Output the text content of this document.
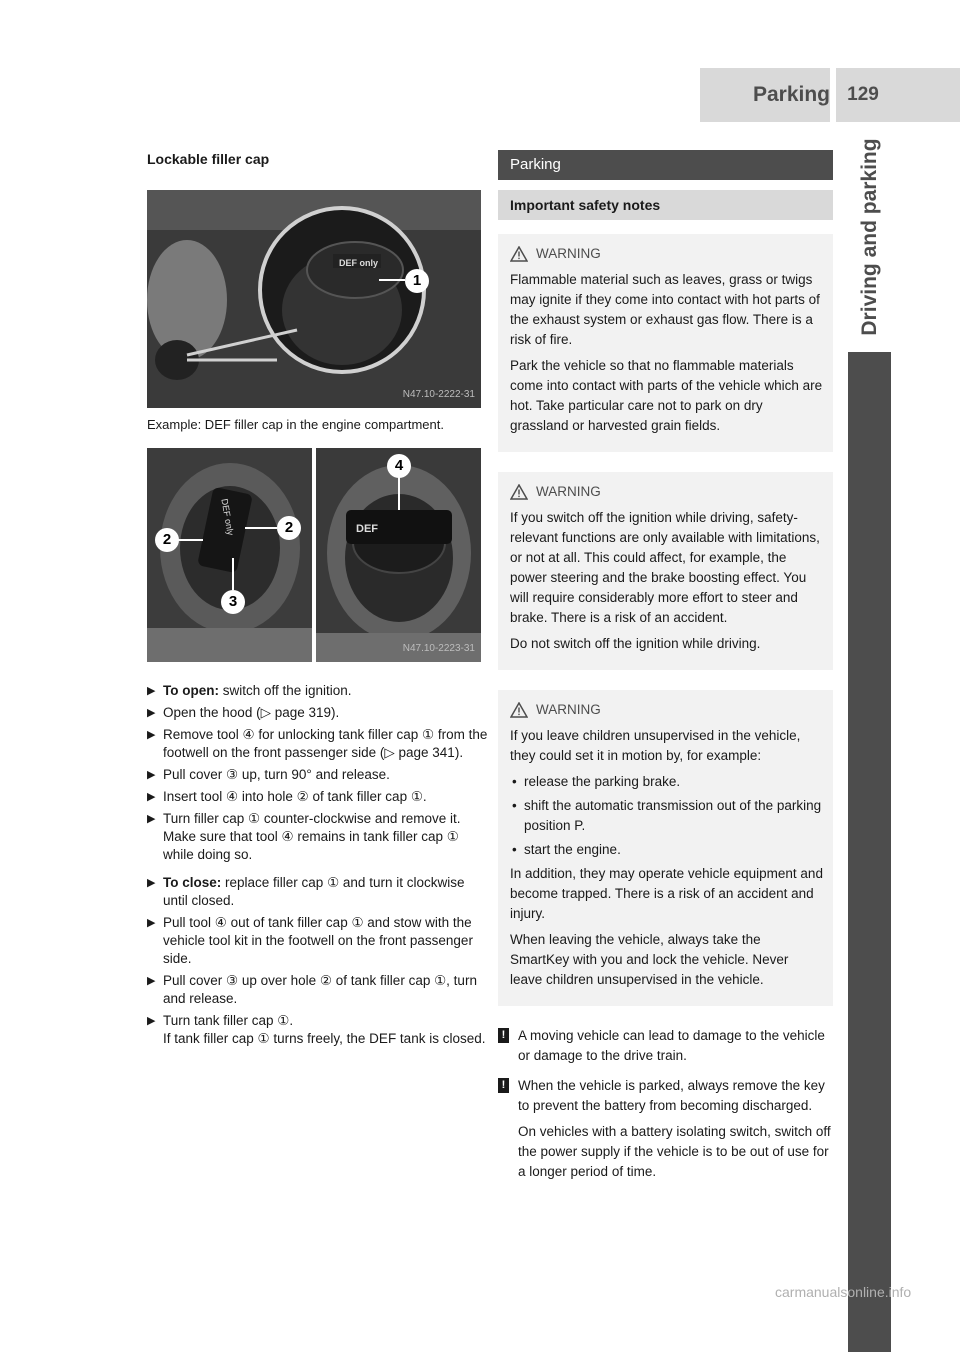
Parking 129
Driving and parking
Lockable filler cap
DEF only
1
N47.10-2222-31
Example: DEF filler cap in the engine compartment.
DEF only
2
2
3
DEF
4
N47.10-2223-31
▶ To open: switch off the ignition.
▶ Open the hood (▷ page 319).
▶ Remove tool ④ for unlocking tank filler cap ① from the footwell on the front passenger side (▷ page 341).
▶ Pull cover ③ up, turn 90° and release.
▶ Insert tool ④ into hole ② of tank filler cap ①.
▶ Turn filler cap ① counter-clockwise and remove it. Make sure that tool ④ remains in tank filler cap ① while doing so.
▶ To close: replace filler cap ① and turn it clockwise until closed.
▶ Pull tool ④ out of tank filler cap ① and stow with the vehicle tool kit in the footwell on the front passenger side.
▶ Pull cover ③ up over hole ② of tank filler cap ①, turn and release.
▶ Turn tank filler cap ①.
If tank filler cap ① turns freely, the DEF tank is closed.
Parking
Important safety notes
WARNING

Flammable material such as leaves, grass or twigs may ignite if they come into contact with hot parts of the exhaust system or exhaust gas flow. There is a risk of fire.

Park the vehicle so that no flammable materials come into contact with parts of the vehicle which are hot. Take particular care not to park on dry grassland or harvested grain fields.

WARNING

If you switch off the ignition while driving, safety-relevant functions are only available with limitations, or not at all. This could affect, for example, the power steering and the brake boosting effect. You will require considerably more effort to steer and brake. There is a risk of an accident.

Do not switch off the ignition while driving.

WARNING

If you leave children unsupervised in the vehicle, they could set it in motion by, for example:

• release the parking brake.
• shift the automatic transmission out of the parking position P.
• start the engine.

In addition, they may operate vehicle equipment and become trapped. There is a risk of an accident and injury.

When leaving the vehicle, always take the SmartKey with you and lock the vehicle. Never leave children unsupervised in the vehicle.

! A moving vehicle can lead to damage to the vehicle or damage to the drive train.
! When the vehicle is parked, always remove the key to prevent the battery from becoming discharged.
On vehicles with a battery isolating switch, switch off the power supply if the vehicle is to be out of use for a longer period of time.
carmanualsonline.info
